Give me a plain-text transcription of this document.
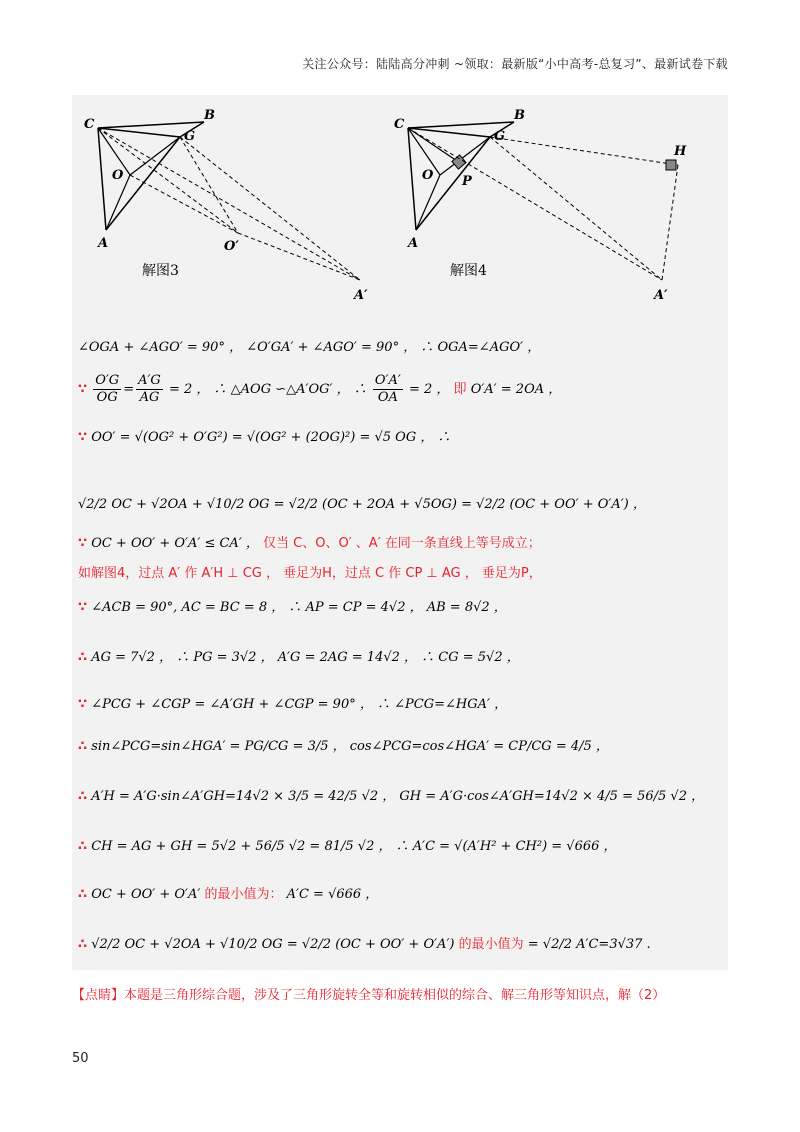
关注公众号：陆陆高分冲刺 ~领取：最新版“小中高考-总复习”、最新试卷下载
C
B
G
O
A	O′
A′
解图3
C
B
G
O P
H
A
A′
解图4
∠OGA + ∠AGO′ = 90° ， ∠O′GA′ + ∠AGO′ = 90° ， ∴ OGA=∠AGO′ ，
∵ $\frac{O'G}{OG} = \frac{A'G}{AG} = 2$ ， ∴ △AOG ∽△A′OG′ ， ∴ $\frac{O'A'}{OA} = 2$ ， 即 O′A′ = 2OA ，
∵ OO′ = √(OG² + O′G²) = √(OG² + (2OG)²) = √5 OG ， ∴
√2/2 OC + √2OA + √10/2 OG = √2/2 (OC + 2OA + √5OG) = √2/2 (OC + OO′ + O′A′) ，
∵ OC + OO′ + O′A′ ≤ CA′ ， 仅当 C、O、O′ 、A′ 在同一条直线上等号成立；
如解图4，过点 A′ 作 A′H ⊥ CG ， 垂足为H，过点 C 作 CP ⊥ AG ， 垂足为P，
∵ ∠ACB = 90°, AC = BC = 8 ， ∴ AP = CP = 4√2 ， AB = 8√2 ，
∴ AG = 7√2 ， ∴ PG = 3√2 ， A′G = 2AG = 14√2 ， ∴ CG = 5√2 ，
∵ ∠PCG + ∠CGP = ∠A′GH + ∠CGP = 90° ， ∴ ∠PCG=∠HGA′ ，
∴ sin∠PCG=sin∠HGA′ = PG/CG = 3/5 ， cos∠PCG=cos∠HGA′ = CP/CG = 4/5 ，
∴ A′H = A′G·sin∠A′GH=14√2 × 3/5 = 42/5 √2 ， GH = A′G·cos∠A′GH=14√2 × 4/5 = 56/5 √2 ，
∴ CH = AG + GH = 5√2 + 56/5 √2 = 81/5 √2 ， ∴ A′C = √(A′H² + CH²) = √666 ，
∴ OC + OO′ + O′A′ 的最小值为： A′C = √666 ，
∴ √2/2 OC + √2OA + √10/2 OG = √2/2 (OC + OO′ + O′A′) 的最小值为 = √2/2 A′C=3√37 .
【点睛】本题是三角形综合题，涉及了三角形旋转全等和旋转相似的综合、解三角形等知识点，解（2）
50
